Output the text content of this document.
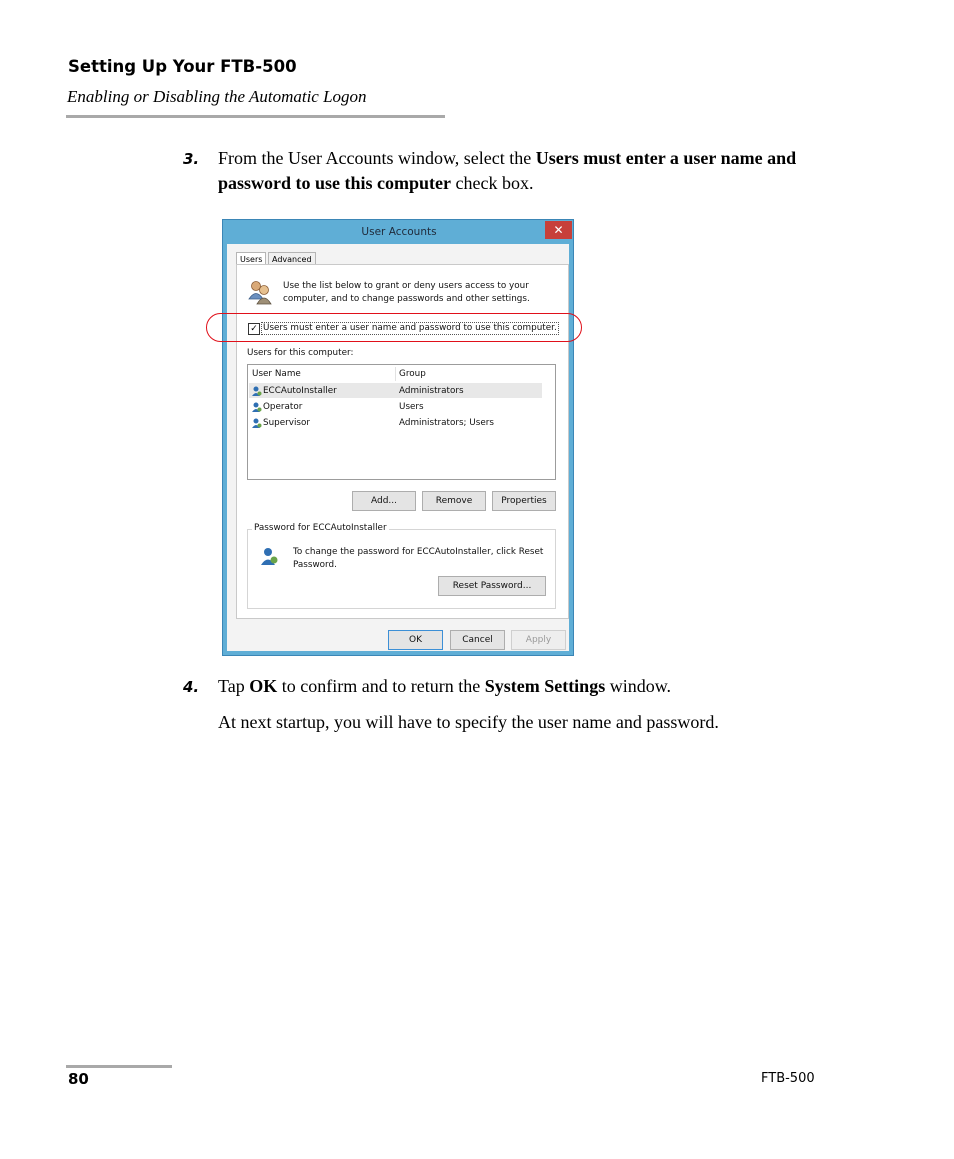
Setting Up Your FTB-500
Enabling or Disabling the Automatic Logon
3. From the User Accounts window, select the Users must enter a user name and password to use this computer check box.
User Accounts	✕
Users	Advanced
Use the list below to grant or deny users access to your computer, and to change passwords and other settings.
✓ Users must enter a user name and password to use this computer.
Users for this computer:
User Name	Group
ECCAutoInstaller	Administrators
Operator	Users
Supervisor	Administrators; Users
Add...	Remove	Properties
Password for ECCAutoInstaller
To change the password for ECCAutoInstaller, click Reset Password.
Reset Password...
OK	Cancel	Apply
4. Tap OK to confirm and to return the System Settings window.
At next startup, you will have to specify the user name and password.
80	FTB-500
